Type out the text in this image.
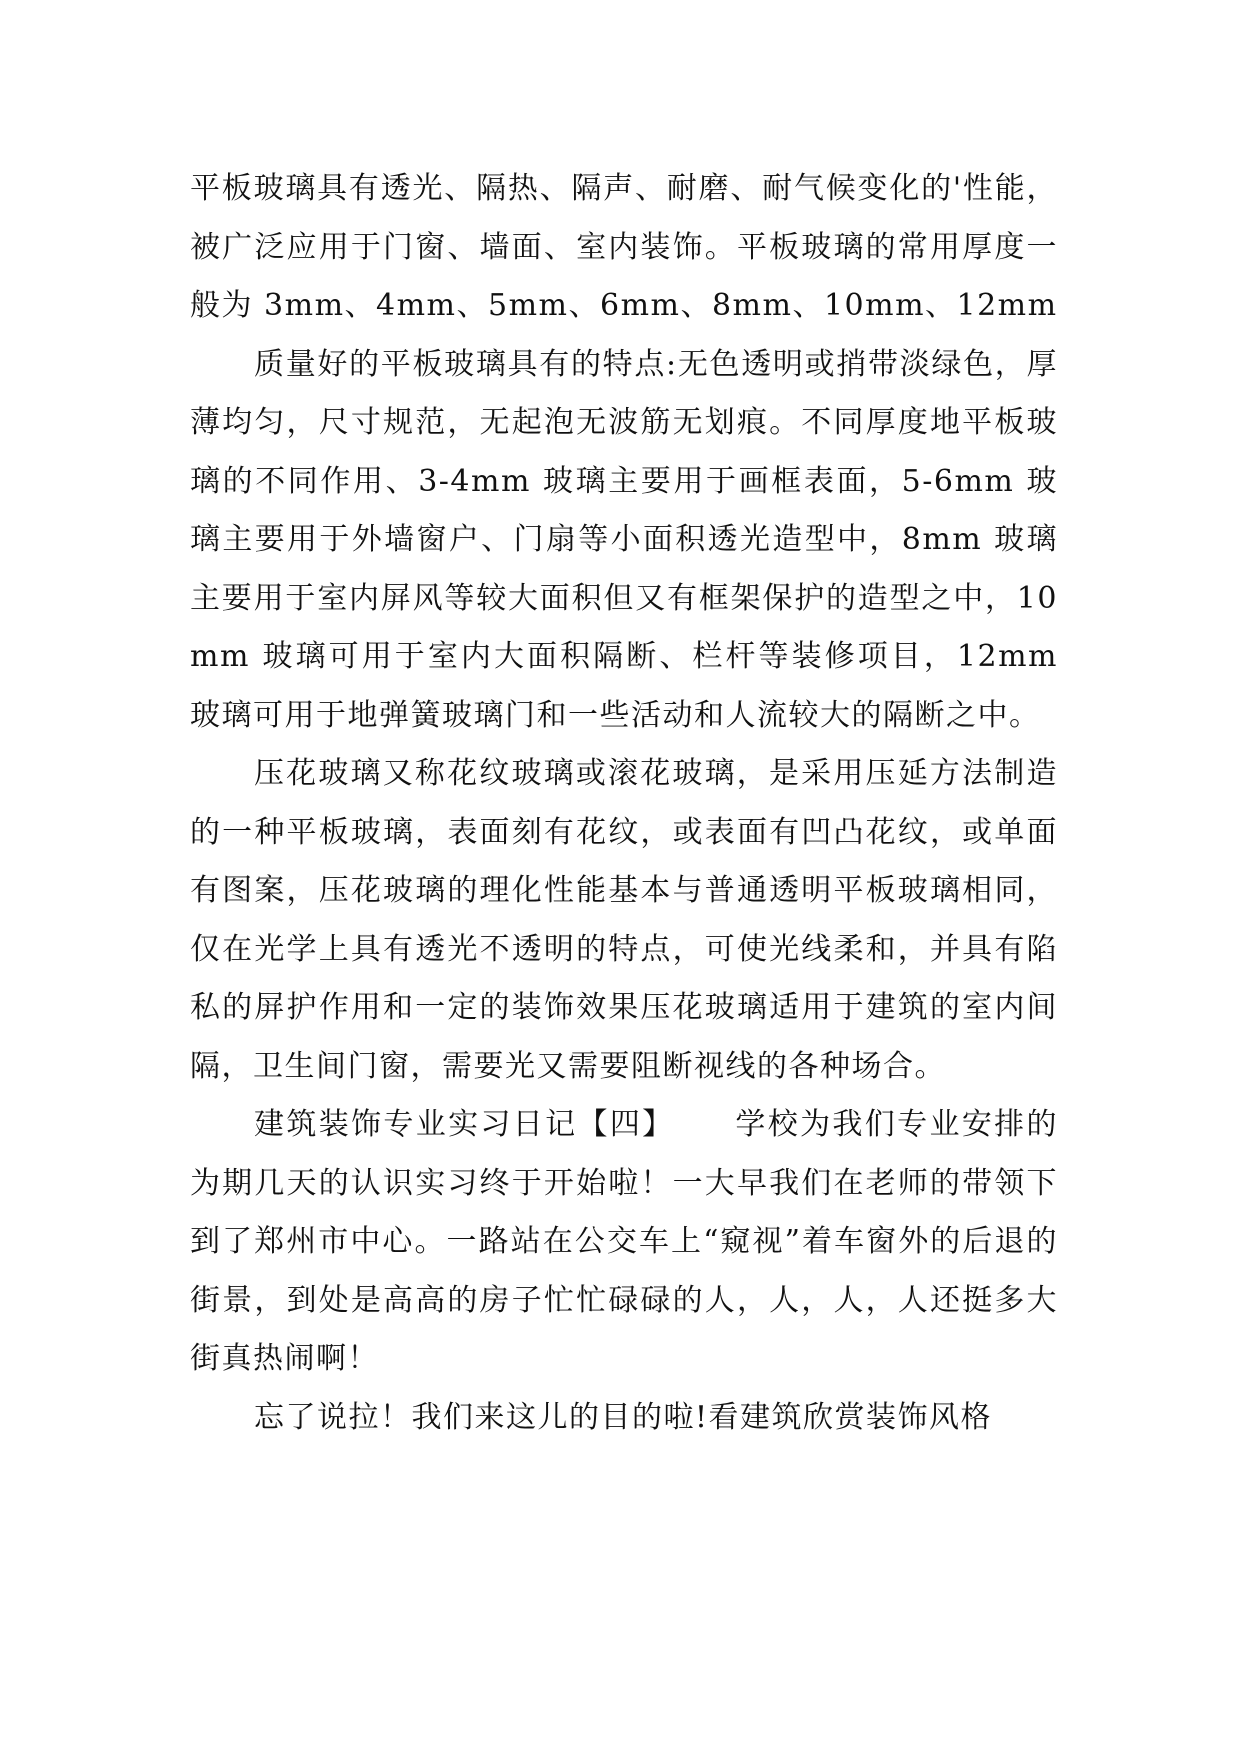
平板玻璃具有透光、隔热、隔声、耐磨、耐气候变化的'性能，被广泛应用于门窗、墙面、室内装饰。平板玻璃的常用厚度一般为 3mm、4mm、5mm、6mm、8mm、10mm、12mm

质量好的平板玻璃具有的特点:无色透明或捎带淡绿色，厚薄均匀，尺寸规范，无起泡无波筋无划痕。不同厚度地平板玻璃的不同作用、3-4mm 玻璃主要用于画框表面，5-6mm 玻璃主要用于外墙窗户、门扇等小面积透光造型中，8mm 玻璃主要用于室内屏风等较大面积但又有框架保护的造型之中，10mm 玻璃可用于室内大面积隔断、栏杆等装修项目，12mm 玻璃可用于地弹簧玻璃门和一些活动和人流较大的隔断之中。

压花玻璃又称花纹玻璃或滚花玻璃，是采用压延方法制造的一种平板玻璃，表面刻有花纹，或表面有凹凸花纹，或单面有图案，压花玻璃的理化性能基本与普通透明平板玻璃相同，仅在光学上具有透光不透明的特点，可使光线柔和，并具有陷私的屏护作用和一定的装饰效果压花玻璃适用于建筑的室内间隔，卫生间门窗，需要光又需要阻断视线的各种场合。

建筑装饰专业实习日记【四】 学校为我们专业安排的为期几天的认识实习终于开始啦！一大早我们在老师的带领下到了郑州市中心。一路站在公交车上“窥视”着车窗外的后退的街景，到处是高高的房子忙忙碌碌的人，人，人，人还挺多大街真热闹啊！

忘了说拉！我们来这儿的目的啦!看建筑欣赏装饰风格
